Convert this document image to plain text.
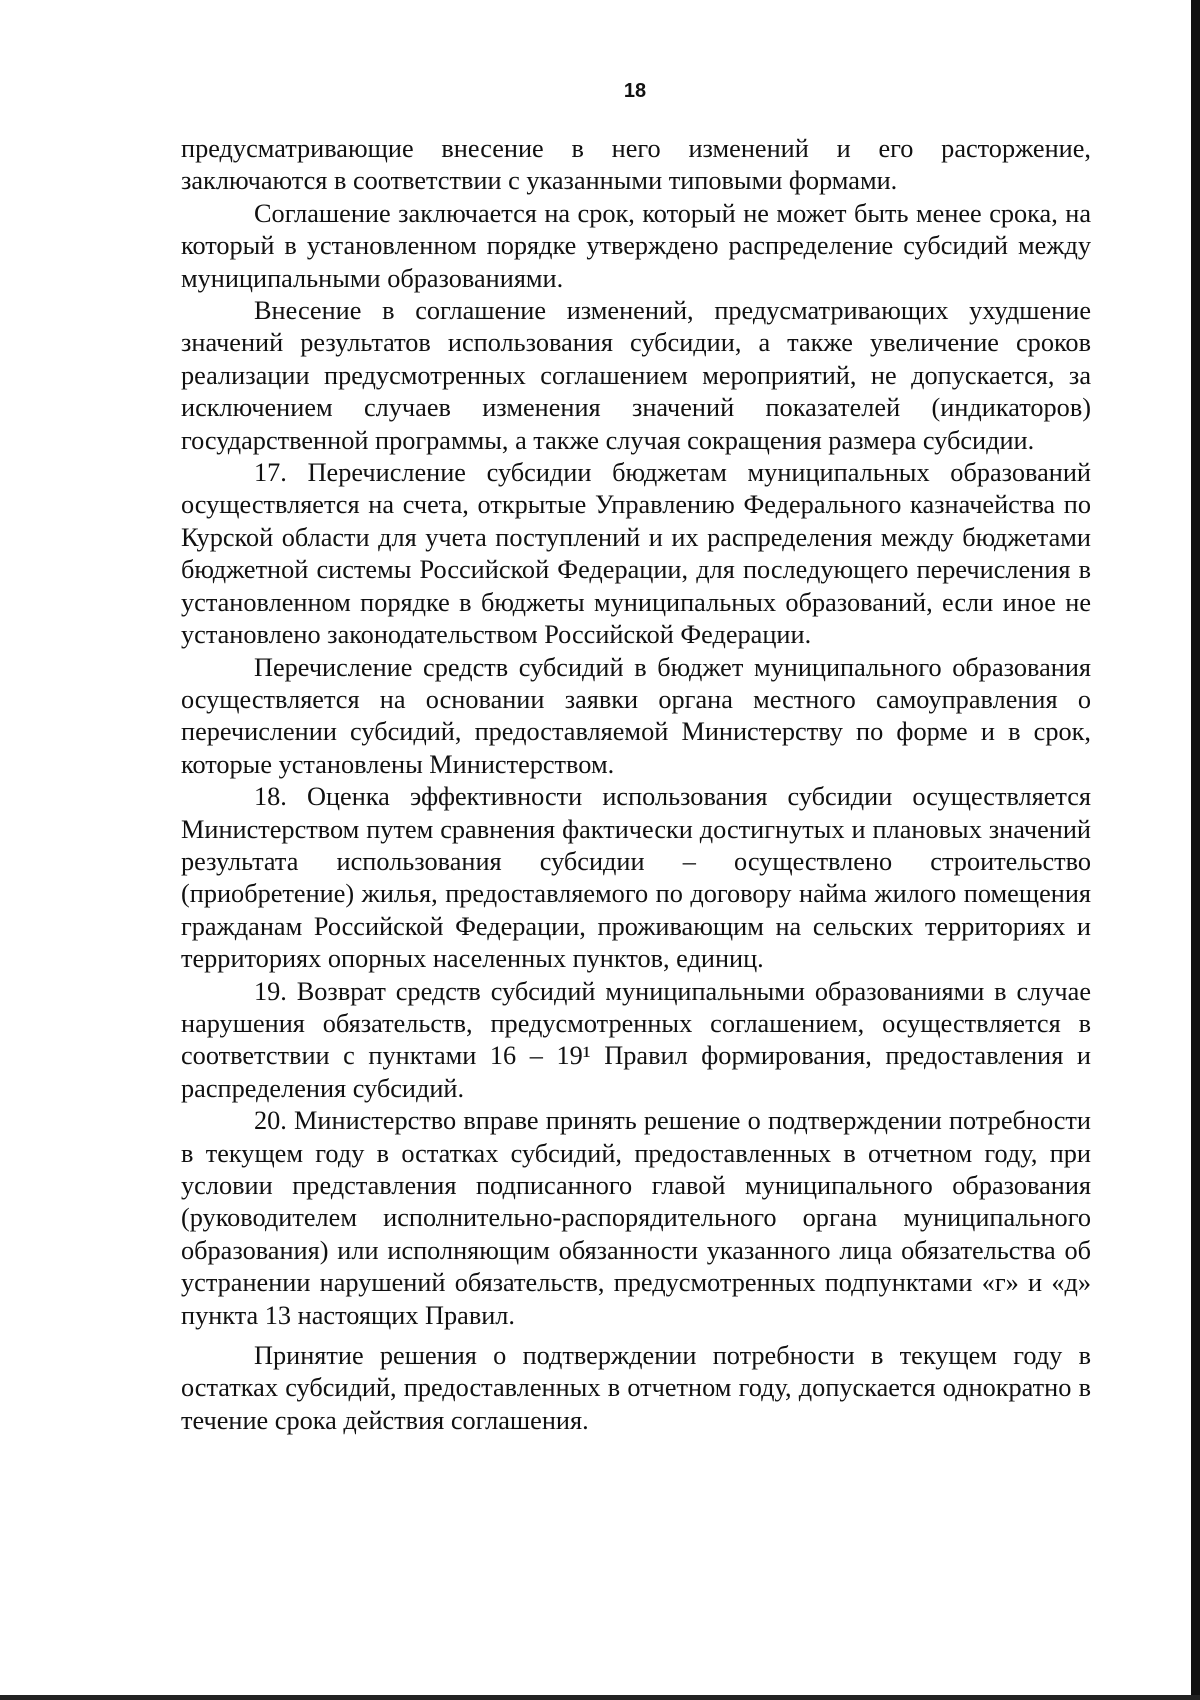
18

предусматривающие внесение в него изменений и его расторжение, заключаются в соответствии с указанными типовыми формами.

Соглашение заключается на срок, который не может быть менее срока, на который в установленном порядке утверждено распределение субсидий между муниципальными образованиями.

Внесение в соглашение изменений, предусматривающих ухудшение значений результатов использования субсидии, а также увеличение сроков реализации предусмотренных соглашением мероприятий, не допускается, за исключением случаев изменения значений показателей (индикаторов) государственной программы, а также случая сокращения размера субсидии.

17. Перечисление субсидии бюджетам муниципальных образований осуществляется на счета, открытые Управлению Федерального казначейства по Курской области для учета поступлений и их распределения между бюджетами бюджетной системы Российской Федерации, для последующего перечисления в установленном порядке в бюджеты муниципальных образований, если иное не установлено законодательством Российской Федерации.

Перечисление средств субсидий в бюджет муниципального образования осуществляется на основании заявки органа местного самоуправления о перечислении субсидий, предоставляемой Министерству по форме и в срок, которые установлены Министерством.

18. Оценка эффективности использования субсидии осуществляется Министерством путем сравнения фактически достигнутых и плановых значений результата использования субсидии – осуществлено строительство (приобретение) жилья, предоставляемого по договору найма жилого помещения гражданам Российской Федерации, проживающим на сельских территориях и территориях опорных населенных пунктов, единиц.

19. Возврат средств субсидий муниципальными образованиями в случае нарушения обязательств, предусмотренных соглашением, осуществляется в соответствии с пунктами 16 – 19¹ Правил формирования, предоставления и распределения субсидий.

20. Министерство вправе принять решение о подтверждении потребности в текущем году в остатках субсидий, предоставленных в отчетном году, при условии представления подписанного главой муниципального образования (руководителем исполнительно-распорядительного органа муниципального образования) или исполняющим обязанности указанного лица обязательства об устранении нарушений обязательств, предусмотренных подпунктами «г» и «д» пункта 13 настоящих Правил.

Принятие решения о подтверждении потребности в текущем году в остатках субсидий, предоставленных в отчетном году, допускается однократно в течение срока действия соглашения.
